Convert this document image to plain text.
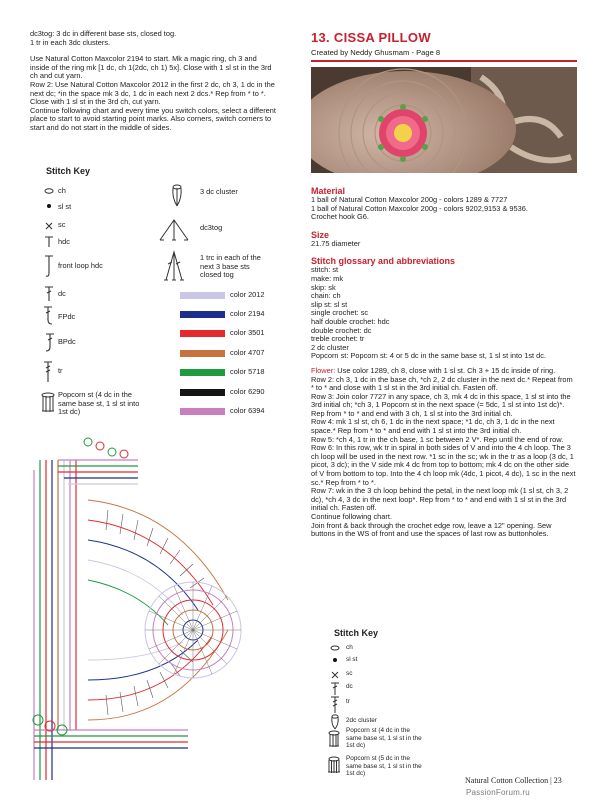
dc3tog: 3 dc in different base sts, closed tog.

1 tr in each 3dc clusters.

Use Natural Cotton Maxcolor 2194 to start. Mk a magic ring, ch 3 and inside of the ring mk [1 dc, ch 1(2dc, ch 1) 5x]. Close with 1 sl st in the 3rd ch and cut yarn.

Row 2: Use Natural Cotton Maxcolor 2012 in the first 2 dc, ch 3, 1 dc in the next dc; *in the space mk 3 dc, 1 dc in each next 2 dcs.* Rep from * to *. Close with 1 sl st in the 3rd ch, cut yarn.

Continue following chart and every time you switch colors, select a different place to start to avoid starting point marks. Also corners, switch corners to start and do not start in the middle of sides.

Stitch Key
ch
sl st
sc
hdc
front loop hdc
dc
FPdc
BPdc
tr
Popcorn st (4 dc in the same base st, 1 sl st into 1st dc)
3 dc cluster
dc3tog
1 trc in each of the next 3 base sts closed tog
color 2012
color 2194
color 3501
color 4707
color 5718
color 6290
color 6394
13. CISSA PILLOW
Created by Neddy Ghusmam - Page 8
Material

1 ball of Natural Cotton Maxcolor 200g - colors 1289 & 7727

1 ball of Natural Cotton Maxcolor 200g - colors 9202,9153 & 9536.

Crochet hook G6.

Size

21.75 diameter

Stitch glossary and abbreviations

stitch: st

make: mk

skip: sk

chain: ch

slip st: sl st

single crochet: sc

half double crochet: hdc

double crochet: dc

treble crochet: tr

2 dc cluster

Popcorn st: Popcorn st: 4 or 5 dc in the same base st, 1 sl st into 1st dc.

Flower: Use color 1289, ch 8, close with 1 sl st. Ch 3 + 15 dc inside of ring.

Row 2: ch 3, 1 dc in the base ch, *ch 2, 2 dc cluster in the next dc.* Repeat from * to * and close with 1 sl st in the 3rd initial ch. Fasten off.

Row 3: Join color 7727 in any space, ch 3, mk 4 dc in this space, 1 sl st into the 3rd initial ch; *ch 3, 1 Popcorn st in the next space (= 5dc, 1 sl st into 1st dc)*. Rep from * to * and end with 3 ch, 1 sl st into the 3rd initial ch.

Row 4: mk 1 sl st, ch 6, 1 dc in the next space; *1 dc, ch 3, 1 dc in the next space.* Rep from * to * and end with 1 sl st into the 3rd initial ch.

Row 5: *ch 4, 1 tr in the ch base, 1 sc between 2 V*. Rep until the end of row.

Row 6: In this row, wk tr in spiral in both sides of V and into the 4 ch loop. The 3 ch loop will be used in the next row. *1 sc in the sc; wk in the tr as a loop (3 dc, 1 picot, 3 dc); in the V side mk 4 dc from top to bottom; mk 4 dc on the other side of V from bottom to top. Into the 4 ch loop mk (4dc, 1 picot, 4 dc), 1 sc in the next sc.* Rep from * to *.

Row 7: wk in the 3 ch loop behind the petal, in the next loop mk (1 sl st, ch 3, 2 dc), *ch 4, 3 dc in the next loop*. Rep from * to * and end with 1 sl st in the 3rd initial ch. Fasten off.

Continue following chart.

Join front & back through the crochet edge row, leave a 12" opening. Sew buttons in the WS of front and use the spaces of last row as buttonholes.

Stitch Key
ch
sl st
sc
dc
tr
2dc cluster
Popcorn st (4 dc in the same base st, 1 sl st in the 1st dc)
Popcorn st (5 dc in the same base st, 1 sl st in the 1st dc)
Natural Cotton Collection | 23
PassionForum.ru
